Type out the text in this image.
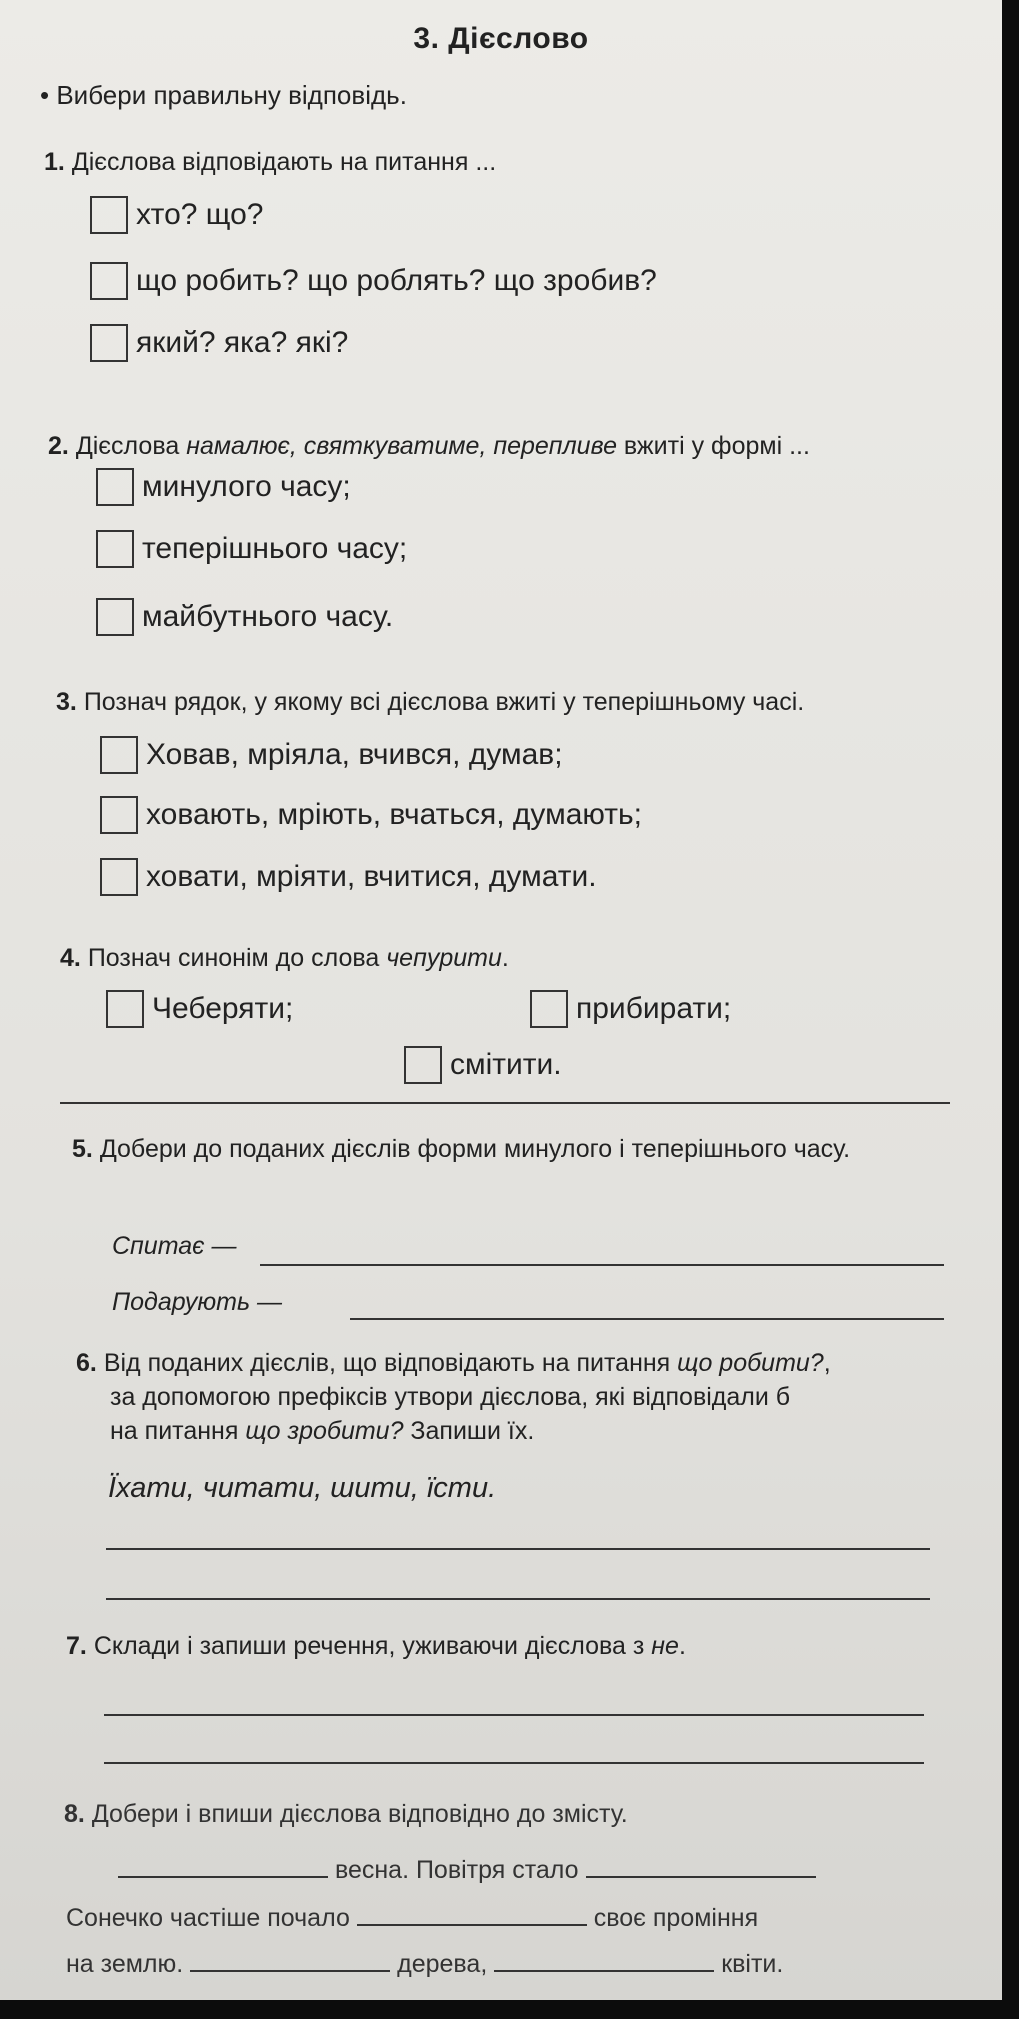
3. Дієслово
• Вибери правильну відповідь.
1. Дієслова відповідають на питання ...
хто? що?
що робить? що роблять? що зробив?
який? яка? які?
2. Дієслова намалює, святкуватиме, перепливе вжиті у формі ...
минулого часу;
теперішнього часу;
майбутнього часу.
3. Познач рядок, у якому всі дієслова вжиті у теперішньому часі.
Ховав, мріяла, вчився, думав;
ховають, мріють, вчаться, думають;
ховати, мріяти, вчитися, думати.
4. Познач синонім до слова чепурити.
Чеберяти;	прибирати;
смітити.
5. Добери до поданих дієслів форми минулого і теперішнього часу.
Спитає —
Подарують —
6. Від поданих дієслів, що відповідають на питання що робити?,
за допомогою префіксів утвори дієслова, які відповідали б
на питання що зробити? Запиши їх.
Їхати, читати, шити, їсти.
7. Склади і запиши речення, уживаючи дієслова з не.
8. Добери і впиши дієслова відповідно до змісту.
весна. Повітря стало
Сонечко частіше почало	своє проміння
на землю.	дерева,	квіти.
